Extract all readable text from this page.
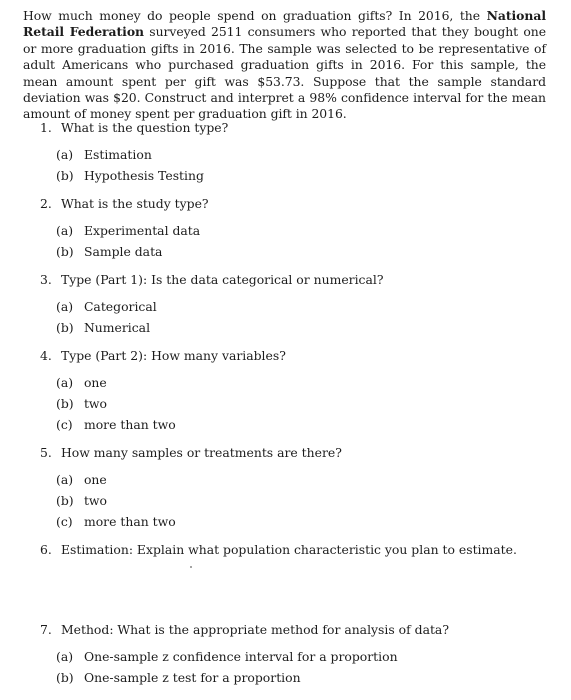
How much money do people spend on graduation gifts? In 2016, the National Retail Federation surveyed 2511 consumers who reported that they bought one or more graduation gifts in 2016. The sample was selected to be representative of adult Americans who purchased graduation gifts in 2016. For this sample, the mean amount spent per gift was $53.73. Suppose that the sample standard deviation was $20. Construct and interpret a 98% confidence interval for the mean amount of money spent per graduation gift in 2016.
1. What is the question type?
(a) Estimation
(b) Hypothesis Testing
2. What is the study type?
(a) Experimental data
(b) Sample data
3. Type (Part 1): Is the data categorical or numerical?
(a) Categorical
(b) Numerical
4. Type (Part 2): How many variables?
(a) one
(b) two
(c) more than two
5. How many samples or treatments are there?
(a) one
(b) two
(c) more than two
6. Estimation: Explain what population characteristic you plan to estimate.
7. Method: What is the appropriate method for analysis of data?
(a) One-sample z confidence interval for a proportion
(b) One-sample z test for a proportion
